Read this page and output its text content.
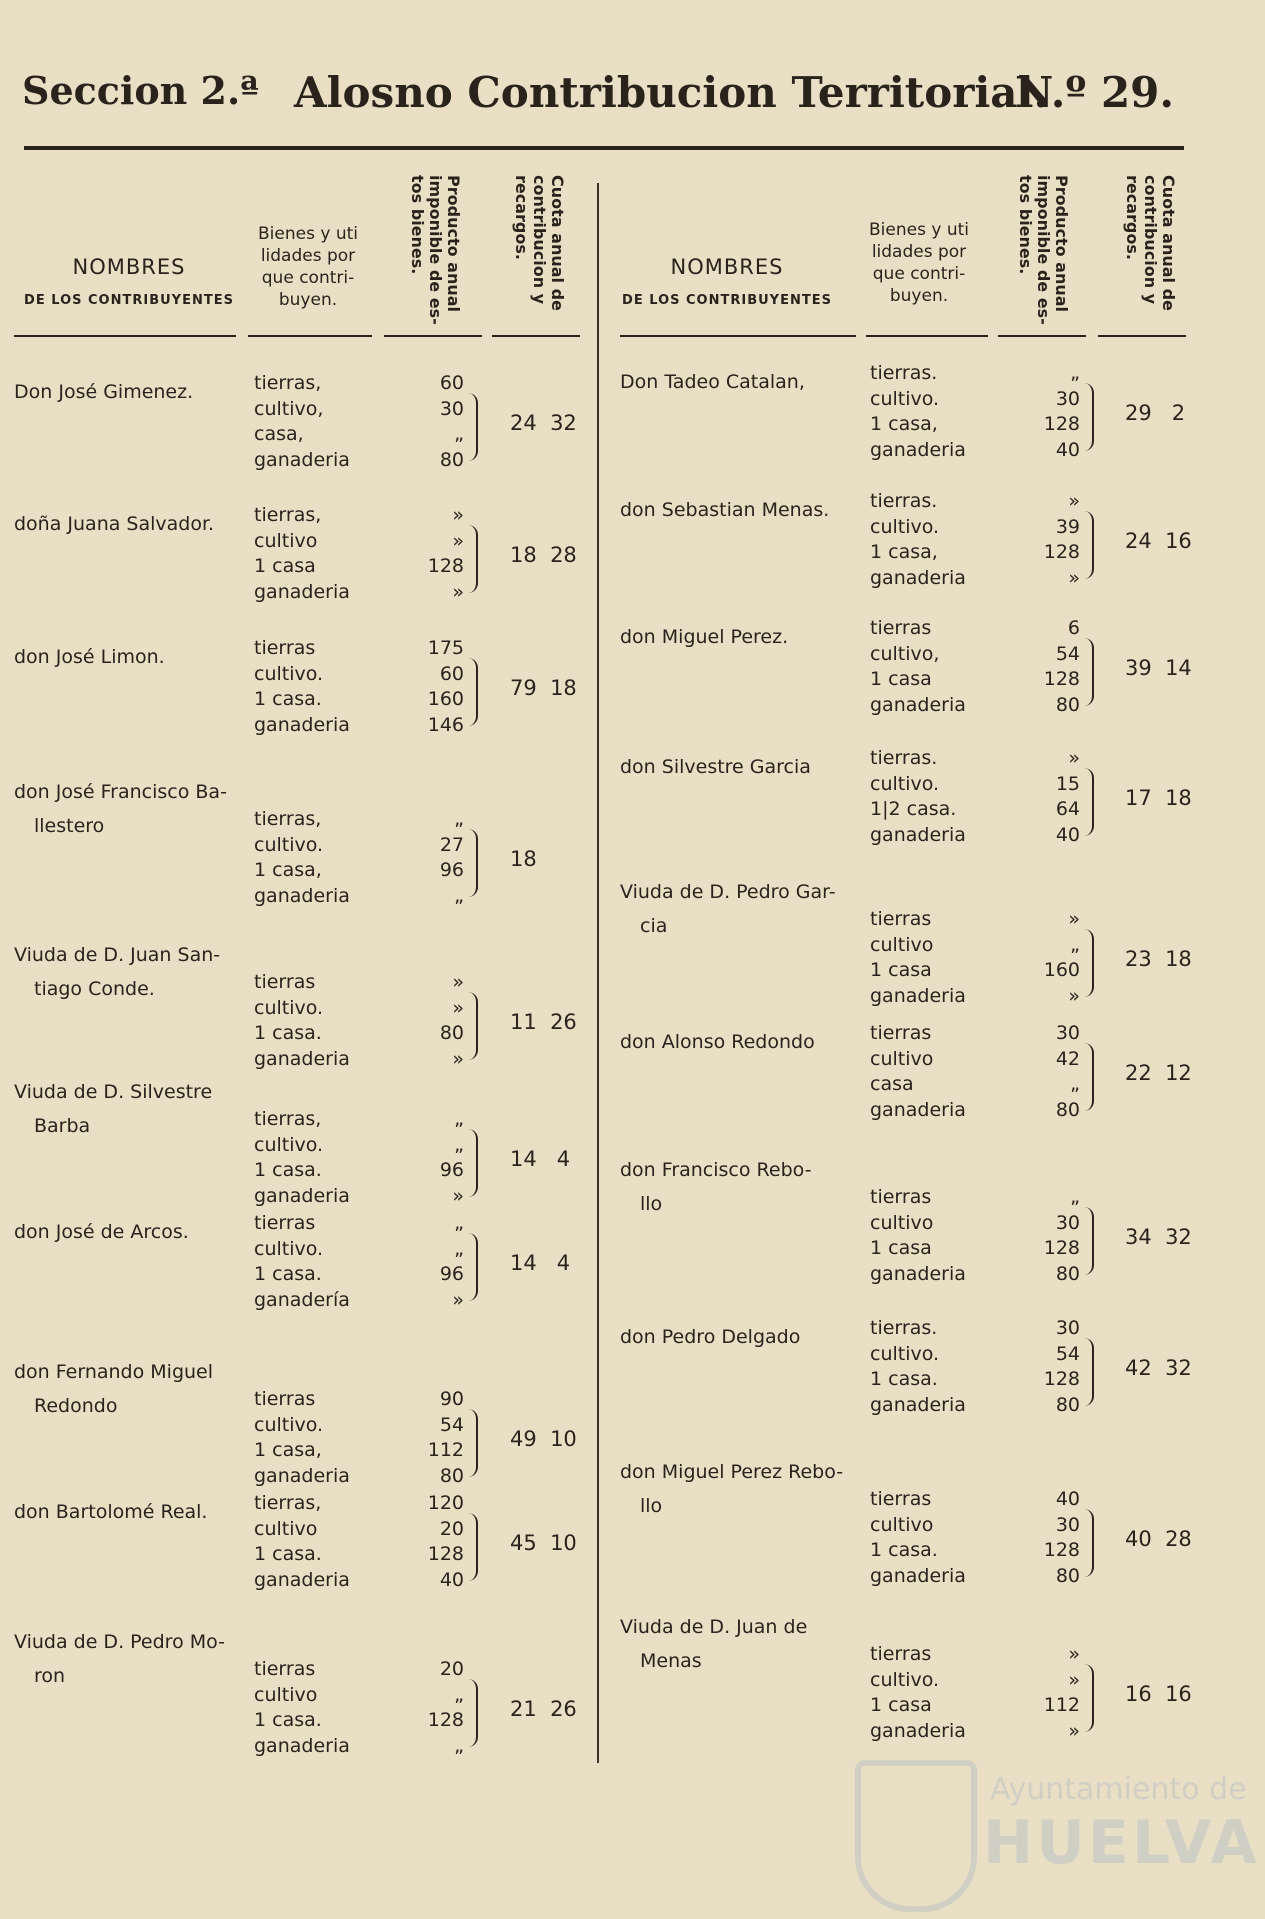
Seccion 2.ª Alosno Contribucion Territorial.
N.º 29.
NOMBRES
DE LOS CONTRIBUYENTES
Bienes y uti lidades por que contri- buyen.	Producto anual imponible de es- tos bienes.	Cuota anual de contribucion y recargos.
Don José Gimenez.	tierras,	60
cultivo,	30
casa,	„
ganaderia	80
24  32
doña Juana Salvador. tierras,	»
cultivo	»
1 casa	128
ganaderia	»
18  28
don José Limon.	tierras	175
cultivo.	60
1 casa.	160
ganaderia	146
79  18
don José Francisco Ba-
llestero	tierras,	„
cultivo.	27
1 casa,	96
ganaderia	„
18
Viuda de D. Juan San-
tiago Conde.	tierras	»
cultivo.	»
1 casa.	80
ganaderia	»
11  26
Viuda de D. Silvestre
Barba	tierras,	„
cultivo.	„
1 casa.	96
ganaderia	»
14   4
don José de Arcos.	tierras	„
cultivo.	„
1 casa.	96
ganadería	»
14   4
don Fernando Miguel
Redondo	tierras	90
cultivo.	54
1 casa,	112
ganaderia	80
49  10
don Bartolomé Real. tierras,	120
cultivo	20
1 casa.	128
ganaderia	40
45  10
Viuda de D. Pedro Mo-
ron	tierras	20
cultivo	„
1 casa.	128
ganaderia	„
21  26
NOMBRES
DE LOS CONTRIBUYENTES
Bienes y uti lidades por que contri- buyen.	Producto anual imponible de es- tos bienes.	Cuota anual de contribucion y recargos.
Don Tadeo Catalan,	tierras.	„
cultivo.	30
1 casa,	128
ganaderia	40
29   2
don Sebastian Menas. tierras.	»
cultivo.	39
1 casa,	128
ganaderia	»
24  16
don Miguel Perez.	tierras	6
cultivo,	54
1 casa	128
ganaderia	80
39  14
don Silvestre Garcia	tierras.	»
cultivo.	15
1|2 casa.	64
ganaderia	40
17  18
Viuda de D. Pedro Gar-
cia	tierras	»
cultivo	„
1 casa	160
ganaderia	»
23  18
don Alonso Redondo	tierras	30
cultivo	42
casa	„
ganaderia	80
22  12
don Francisco Rebo-
llo	tierras	„
cultivo	30
1 casa	128
ganaderia	80
34  32
don Pedro Delgado	tierras.	30
cultivo.	54
1 casa.	128
ganaderia	80
42  32
don Miguel Perez Rebo-
llo	tierras	40
cultivo	30
1 casa.	128
ganaderia	80
40  28
Viuda de D. Juan de
Menas	tierras	»
cultivo.	»
1 casa	112
ganaderia	»
16  16
Ayuntamiento de
HUELVA
